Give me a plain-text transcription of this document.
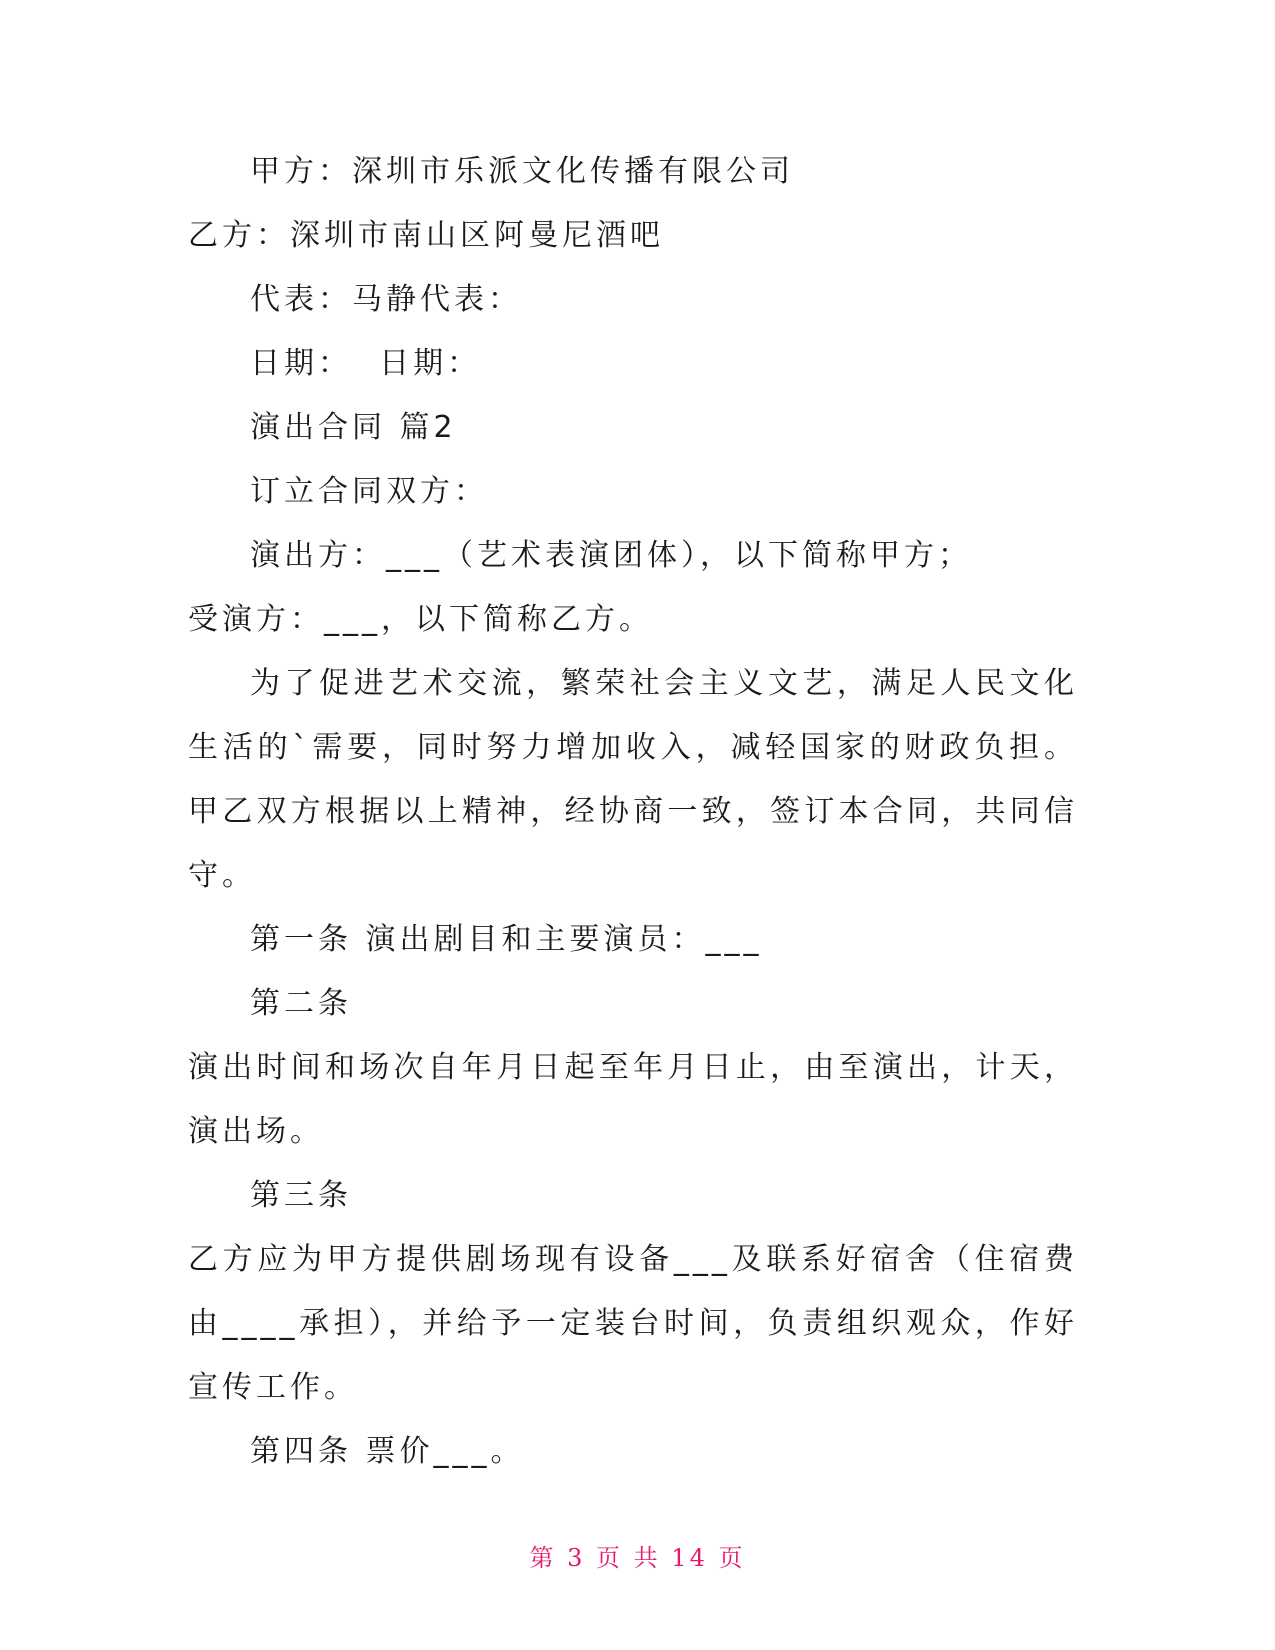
甲方：深圳市乐派文化传播有限公司
乙方：深圳市南山区阿曼尼酒吧
代表：马静代表：
日期：  日期：
演出合同 篇2
订立合同双方：
演出方：___（艺术表演团体），以下简称甲方；
受演方：___，以下简称乙方。
为了促进艺术交流，繁荣社会主义文艺，满足人民文化生活的`需要，同时努力增加收入，减轻国家的财政负担。甲乙双方根据以上精神，经协商一致，签订本合同，共同信守。
第一条 演出剧目和主要演员：___
第二条
演出时间和场次自年月日起至年月日止，由至演出，计天，演出场。
第三条
乙方应为甲方提供剧场现有设备___及联系好宿舍（住宿费由____承担），并给予一定装台时间，负责组织观众，作好宣传工作。
第四条 票价___。
第 3 页 共 14 页
